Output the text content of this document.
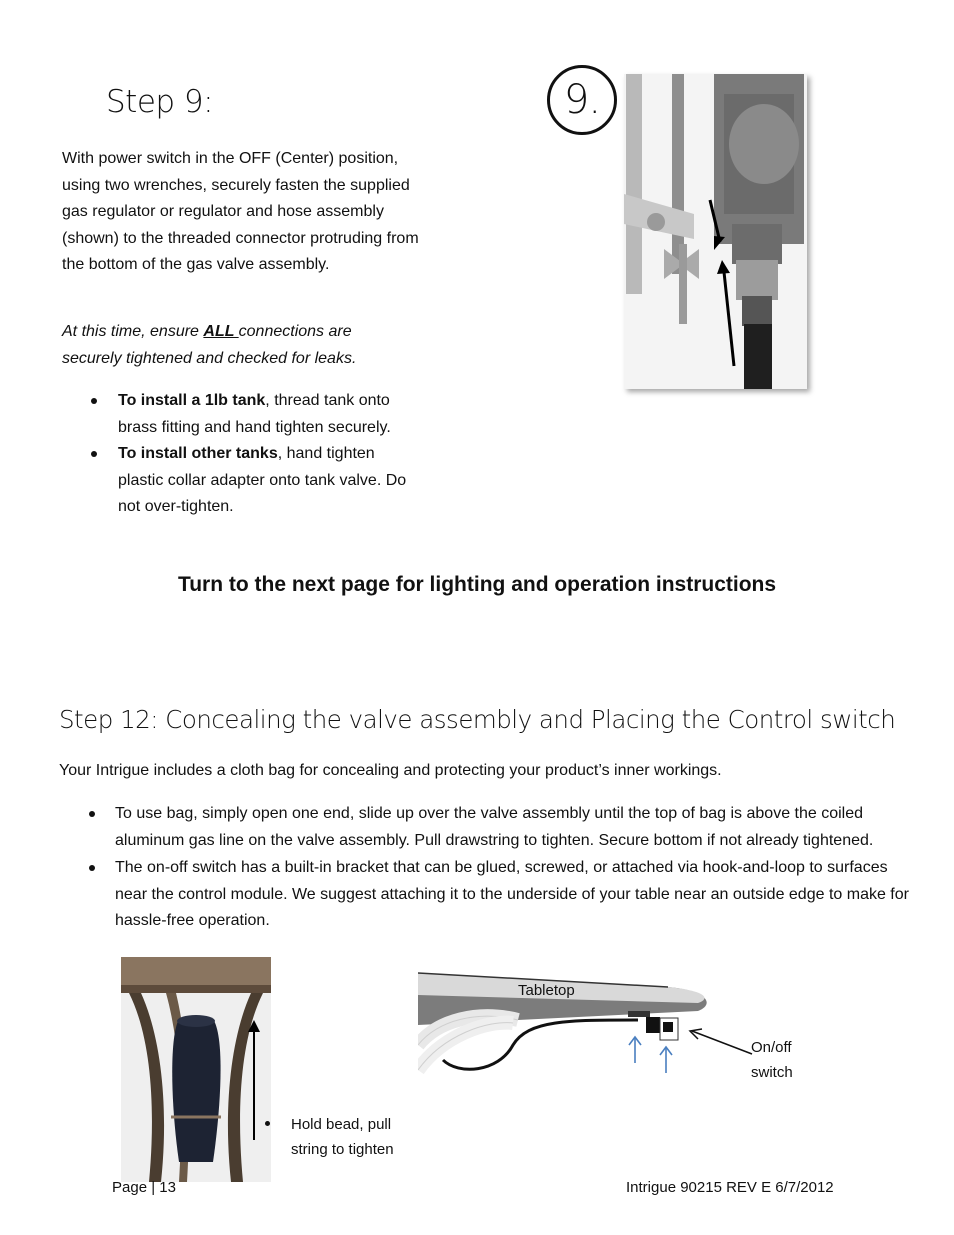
Step 9:
With power switch in the OFF (Center) position, using two wrenches, securely fasten the supplied gas regulator or regulator and hose assembly (shown) to the threaded connector protruding from the bottom of the gas valve assembly.
At this time, ensure ALL connections are securely tightened and checked for leaks.
To install a 1lb tank, thread tank onto brass fitting and hand tighten securely.
To install other tanks, hand tighten plastic collar adapter onto tank valve. Do not over-tighten.
9.
Turn to the next page for lighting and operation instructions
Step 12: Concealing the valve assembly and Placing the Control switch
Your Intrigue includes a cloth bag for concealing and protecting your product’s inner workings.
To use bag, simply open one end, slide up over the valve assembly until the top of bag is above the coiled aluminum gas line on the valve assembly. Pull drawstring to tighten. Secure bottom if not already tightened.
The on-off switch has a built-in bracket that can be glued, screwed, or attached via hook-and-loop to surfaces near the control module. We suggest attaching it to the underside of your table near an outside edge to make for hassle-free operation.
Hold bead, pull string to tighten
Tabletop
On/off
switch
Page | 13	Intrigue 90215 REV E 6/7/2012
